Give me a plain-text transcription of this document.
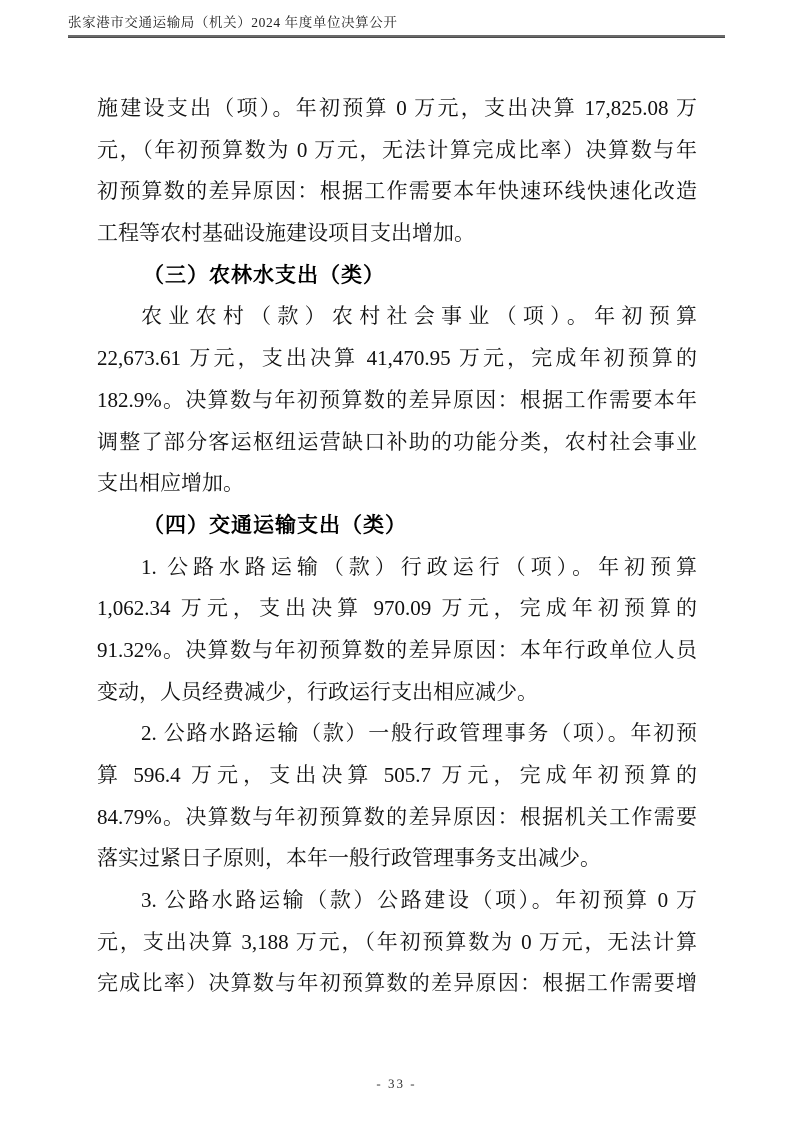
张家港市交通运输局（机关）2024 年度单位决算公开
施建设支出（项）。年初预算 0 万元，支出决算 17,825.08 万
元，（年初预算数为 0 万元，无法计算完成比率）决算数与年
初预算数的差异原因：根据工作需要本年快速环线快速化改造
工程等农村基础设施建设项目支出增加。
（三）农林水支出（类）
农业农村（款）农村社会事业（项）。年初预算
22,673.61 万元，支出决算 41,470.95 万元，完成年初预算的
182.9%。决算数与年初预算数的差异原因：根据工作需要本年
调整了部分客运枢纽运营缺口补助的功能分类，农村社会事业
支出相应增加。
（四）交通运输支出（类）
1. 公路水路运输（款）行政运行（项）。年初预算
1,062.34 万元，支出决算 970.09 万元，完成年初预算的
91.32%。决算数与年初预算数的差异原因：本年行政单位人员
变动，人员经费减少，行政运行支出相应减少。
2. 公路水路运输（款）一般行政管理事务（项）。年初预
算 596.4 万元，支出决算 505.7 万元，完成年初预算的
84.79%。决算数与年初预算数的差异原因：根据机关工作需要
落实过紧日子原则，本年一般行政管理事务支出减少。
3. 公路水路运输（款）公路建设（项）。年初预算 0 万
元，支出决算 3,188 万元，（年初预算数为 0 万元，无法计算
完成比率）决算数与年初预算数的差异原因：根据工作需要增
- 33 -
